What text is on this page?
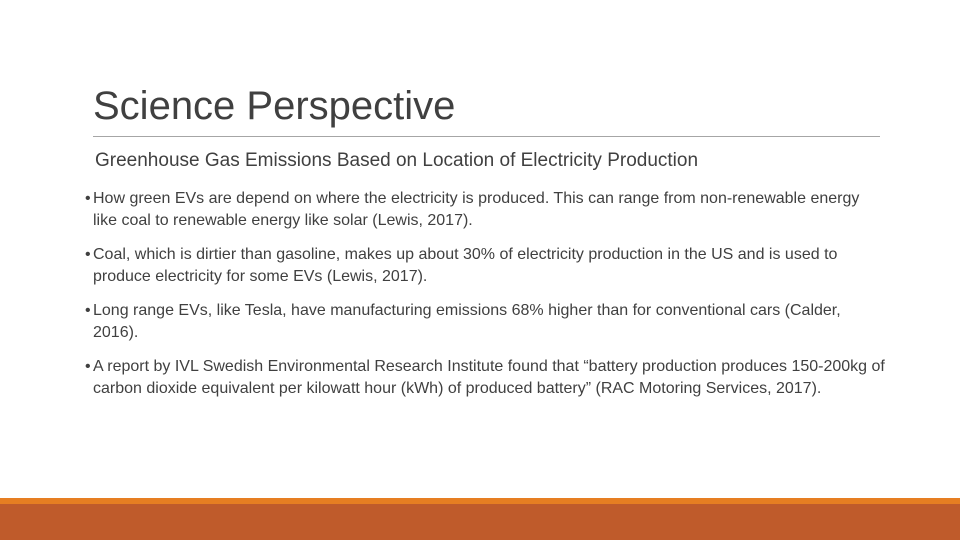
Science Perspective
Greenhouse Gas Emissions Based on Location of Electricity Production
• How green EVs are depend on where the electricity is produced. This can range from non-renewable energy like coal to renewable energy like solar (Lewis, 2017).
• Coal, which is dirtier than gasoline, makes up about 30% of electricity production in the US and is used to produce electricity for some EVs (Lewis, 2017).
• Long range EVs, like Tesla, have manufacturing emissions 68% higher than for conventional cars (Calder, 2016).
• A report by IVL Swedish Environmental Research Institute found that “battery production produces 150-200kg of carbon dioxide equivalent per kilowatt hour (kWh) of produced battery” (RAC Motoring Services, 2017).
